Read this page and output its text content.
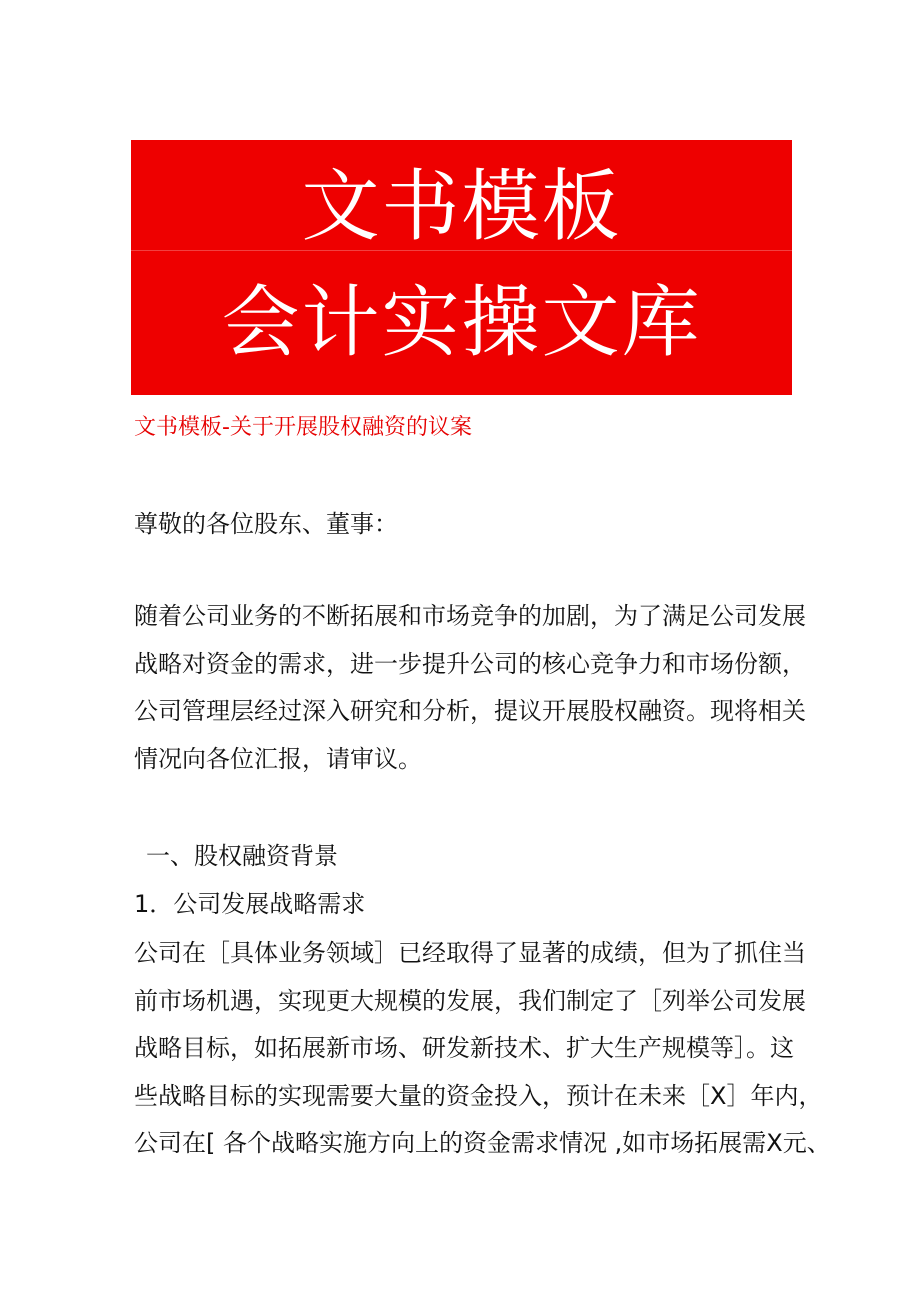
文书模板
会计实操文库
文书模板-关于开展股权融资的议案
尊敬的各位股东、董事：
随着公司业务的不断拓展和市场竞争的加剧，为了满足公司发展
战略对资金的需求，进一步提升公司的核心竞争力和市场份额，
公司管理层经过深入研究和分析，提议开展股权融资。现将相关
情况向各位汇报，请审议。
一、股权融资背景
1．公司发展战略需求
公司在［具体业务领域］已经取得了显著的成绩，但为了抓住当
前市场机遇，实现更大规模的发展，我们制定了［列举公司发展
战略目标，如拓展新市场、研发新技术、扩大生产规模等］。这
些战略目标的实现需要大量的资金投入，预计在未来［X］年内，
公司在[ 各个战略实施方向上的资金需求情况 ,如市场拓展需X元、
